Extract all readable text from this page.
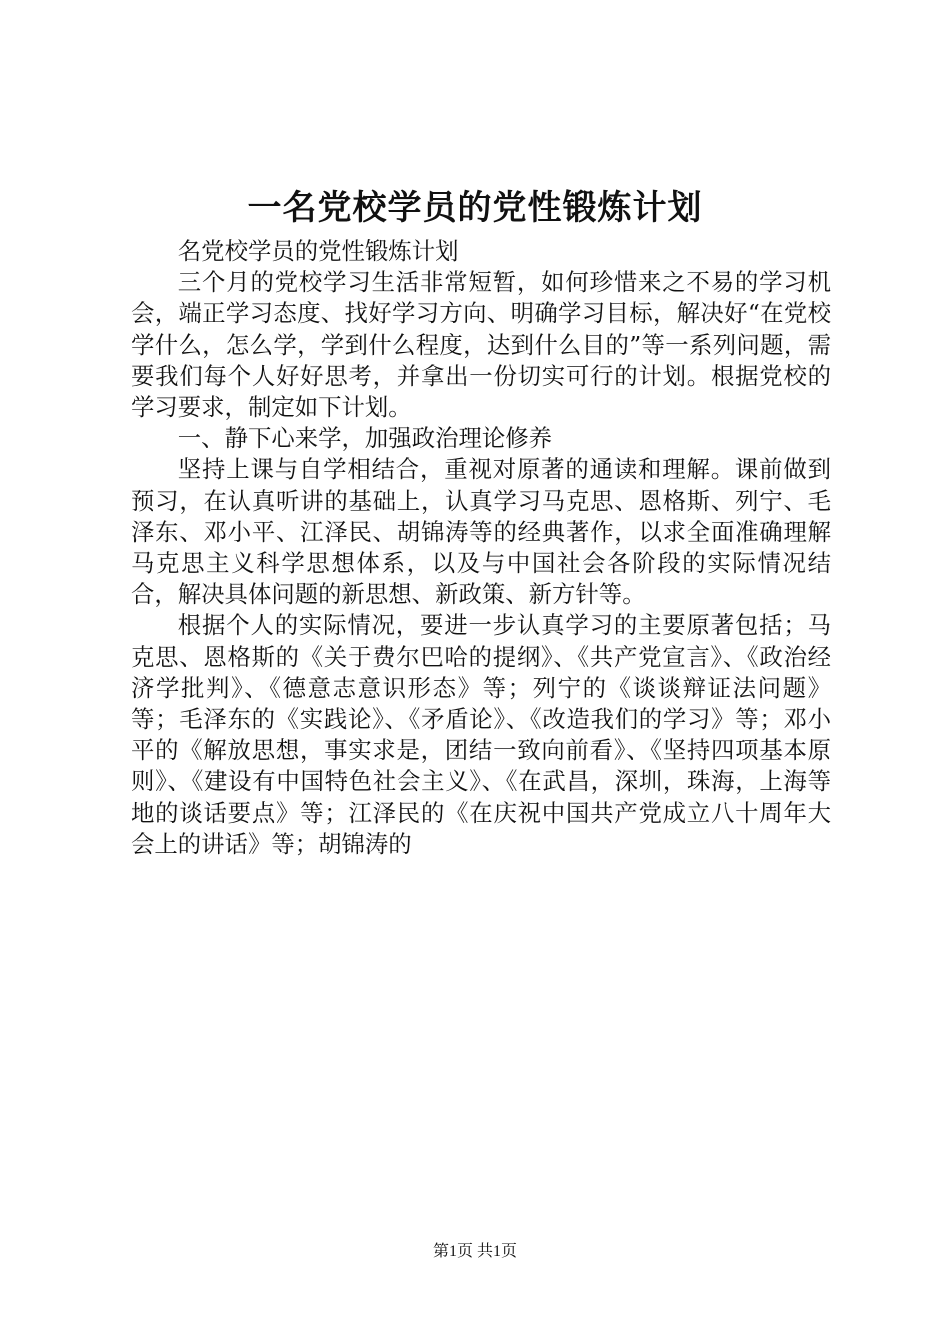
一名党校学员的党性锻炼计划

名党校学员的党性锻炼计划

三个月的党校学习生活非常短暂，如何珍惜来之不易的学习机会，端正学习态度、找好学习方向、明确学习目标，解决好“在党校学什么，怎么学，学到什么程度，达到什么目的”等一系列问题，需要我们每个人好好思考，并拿出一份切实可行的计划。根据党校的学习要求，制定如下计划。

一、静下心来学，加强政治理论修养

坚持上课与自学相结合，重视对原著的通读和理解。课前做到预习，在认真听讲的基础上，认真学习马克思、恩格斯、列宁、毛泽东、邓小平、江泽民、胡锦涛等的经典著作，以求全面准确理解马克思主义科学思想体系，以及与中国社会各阶段的实际情况结合，解决具体问题的新思想、新政策、新方针等。

根据个人的实际情况，要进一步认真学习的主要原著包括；马克思、恩格斯的《关于费尔巴哈的提纲》、《共产党宣言》、《政治经济学批判》、《德意志意识形态》等；列宁的《谈谈辩证法问题》等；毛泽东的《实践论》、《矛盾论》、《改造我们的学习》等；邓小平的《解放思想，事实求是，团结一致向前看》、《坚持四项基本原则》、《建设有中国特色社会主义》、《在武昌，深圳，珠海，上海等地的谈话要点》等；江泽民的《在庆祝中国共产党成立八十周年大会上的讲话》等；胡锦涛的

第1页 共1页
